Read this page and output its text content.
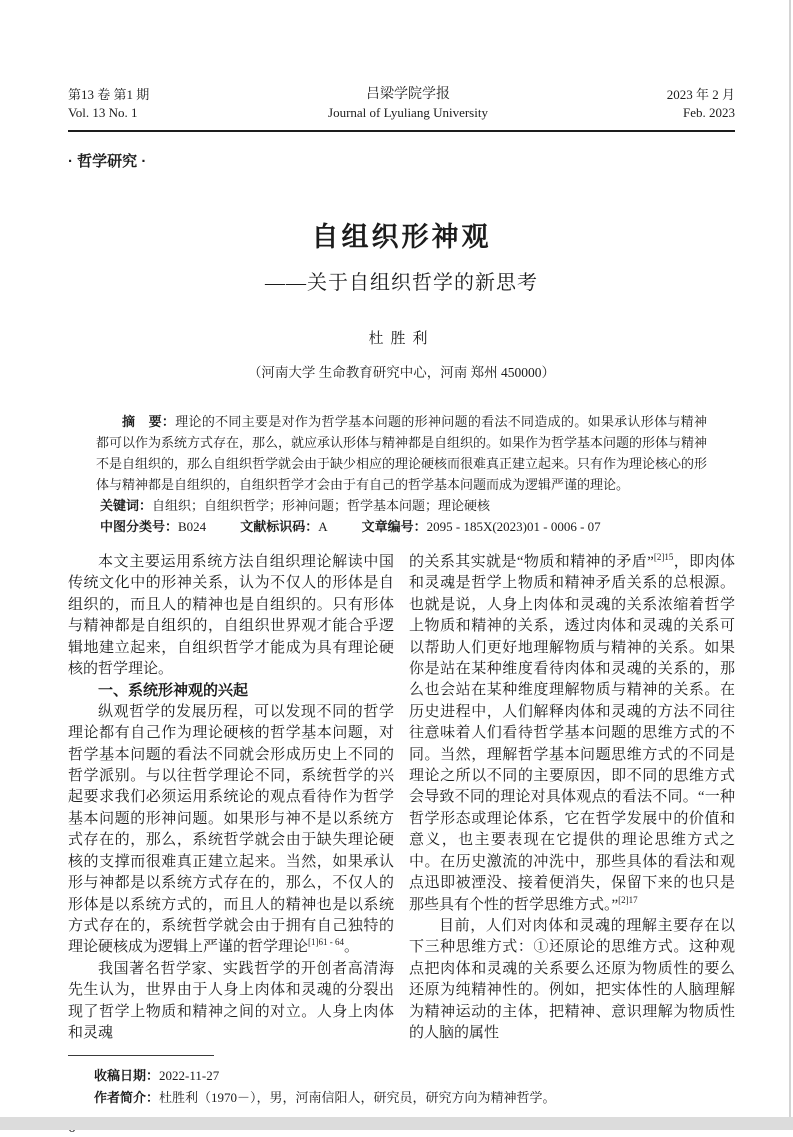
第13 卷 第1 期
Vol. 13 No. 1
吕梁学院学报
Journal of Lyuliang University
2023 年 2 月
Feb. 2023
· 哲学研究 ·
自组织形神观
——关于自组织哲学的新思考
杜胜利
（河南大学 生命教育研究中心，河南 郑州 450000）

摘　要：理论的不同主要是对作为哲学基本问题的形神问题的看法不同造成的。如果承认形体与精神都可以作为系统方式存在，那么，就应承认形体与精神都是自组织的。如果作为哲学基本问题的形体与精神不是自组织的，那么自组织哲学就会由于缺少相应的理论硬核而很难真正建立起来。只有作为理论核心的形体与精神都是自组织的，自组织哲学才会由于有自己的哲学基本问题而成为逻辑严谨的理论。

关键词：自组织；自组织哲学；形神问题；哲学基本问题；理论硬核

中图分类号：B024	文献标识码：A	文章编号：2095 - 185X(2023)01 - 0006 - 07

本文主要运用系统方法自组织理论解读中国传统文化中的形神关系，认为不仅人的形体是自组织的，而且人的精神也是自组织的。只有形体与精神都是自组织的，自组织世界观才能合乎逻辑地建立起来，自组织哲学才能成为具有理论硬核的哲学理论。

一、系统形神观的兴起

纵观哲学的发展历程，可以发现不同的哲学理论都有自己作为理论硬核的哲学基本问题，对哲学基本问题的看法不同就会形成历史上不同的哲学派别。与以往哲学理论不同，系统哲学的兴起要求我们必须运用系统论的观点看待作为哲学基本问题的形神问题。如果形与神不是以系统方式存在的，那么，系统哲学就会由于缺失理论硬核的支撑而很难真正建立起来。当然，如果承认形与神都是以系统方式存在的，那么，不仅人的形体是以系统方式的，而且人的精神也是以系统方式存在的，系统哲学就会由于拥有自己独特的理论硬核成为逻辑上严谨的哲学理论$^{[1]61 - 64}$。

我国著名哲学家、实践哲学的开创者高清海先生认为，世界由于人身上肉体和灵魂的分裂出现了哲学上物质和精神之间的对立。人身上肉体和灵魂

的关系其实就是“物质和精神的矛盾”$^{[2]15}$，即肉体和灵魂是哲学上物质和精神矛盾关系的总根源。也就是说，人身上肉体和灵魂的关系浓缩着哲学上物质和精神的关系，透过肉体和灵魂的关系可以帮助人们更好地理解物质与精神的关系。如果你是站在某种维度看待肉体和灵魂的关系的，那么也会站在某种维度理解物质与精神的关系。在历史进程中，人们解释肉体和灵魂的方法不同往往意味着人们看待哲学基本问题的思维方式的不同。当然，理解哲学基本问题思维方式的不同是理论之所以不同的主要原因，即不同的思维方式会导致不同的理论对具体观点的看法不同。“一种哲学形态或理论体系，它在哲学发展中的价值和意义，也主要表现在它提供的理论思维方式之中。在历史激流的冲洗中，那些具体的看法和观点迅即被湮没、接着便消失，保留下来的也只是那些具有个性的哲学思维方式。”$^{[2]17}$

目前，人们对肉体和灵魂的理解主要存在以下三种思维方式：①还原论的思维方式。这种观点把肉体和灵魂的关系要么还原为物质性的要么还原为纯精神性的。例如，把实体性的人脑理解为精神运动的主体，把精神、意识理解为物质性的人脑的属性

收稿日期：2022-11-27
作者简介：杜胜利（1970－），男，河南信阳人，研究员，研究方向为精神哲学。
